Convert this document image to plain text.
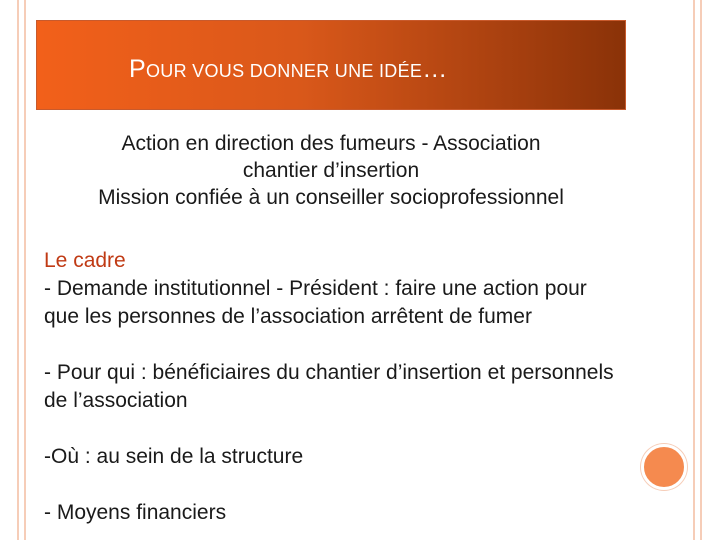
POUR VOUS DONNER UNE IDÉE…
Action en direction des fumeurs - Association
chantier d’insertion
Mission confiée à un conseiller socioprofessionnel

Le cadre

- Demande institutionnel - Président : faire une action pour que les personnes de l’association arrêtent de fumer

- Pour qui : bénéficiaires du chantier d’insertion et personnels de l’association

-Où : au sein de la structure

- Moyens financiers
